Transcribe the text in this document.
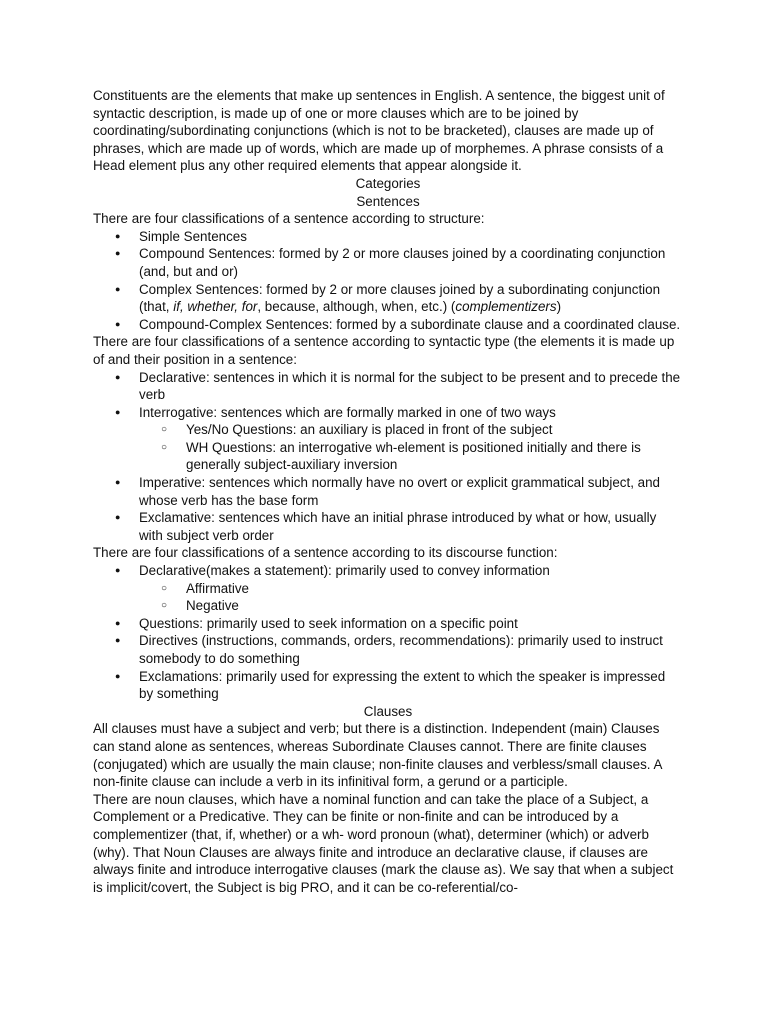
Constituents are the elements that make up sentences in English. A sentence, the biggest unit of syntactic description, is made up of one or more clauses which are to be joined by coordinating/subordinating conjunctions (which is not to be bracketed), clauses are made up of phrases, which are made up of words, which are made up of morphemes. A phrase consists of a Head element plus any other required elements that appear alongside it.

Categories

Sentences

There are four classifications of a sentence according to structure:

● Simple Sentences
● Compound Sentences: formed by 2 or more clauses joined by a coordinating conjunction (and, but and or)
● Complex Sentences: formed by 2 or more clauses joined by a subordinating conjunction (that, if, whether, for, because, although, when, etc.) (complementizers)
● Compound-Complex Sentences: formed by a subordinate clause and a coordinated clause.

There are four classifications of a sentence according to syntactic type (the elements it is made up of and their position in a sentence:

● Declarative: sentences in which it is normal for the subject to be present and to precede the verb
● Interrogative: sentences which are formally marked in one of two ways
○ Yes/No Questions: an auxiliary is placed in front of the subject
○ WH Questions: an interrogative wh-element is positioned initially and there is generally subject-auxiliary inversion
● Imperative: sentences which normally have no overt or explicit grammatical subject, and whose verb has the base form
● Exclamative: sentences which have an initial phrase introduced by what or how, usually with subject verb order

There are four classifications of a sentence according to its discourse function:

● Declarative(makes a statement): primarily used to convey information
○ Affirmative
○ Negative
● Questions: primarily used to seek information on a specific point
● Directives (instructions, commands, orders, recommendations): primarily used to instruct somebody to do something
● Exclamations: primarily used for expressing the extent to which the speaker is impressed by something

Clauses

All clauses must have a subject and verb; but there is a distinction. Independent (main) Clauses can stand alone as sentences, whereas Subordinate Clauses cannot. There are finite clauses (conjugated) which are usually the main clause; non-finite clauses and verbless/small clauses. A non-finite clause can include a verb in its infinitival form, a gerund or a participle.

There are noun clauses, which have a nominal function and can take the place of a Subject, a Complement or a Predicative. They can be finite or non-finite and can be introduced by a complementizer (that, if, whether) or a wh- word pronoun (what), determiner (which) or adverb (why). That Noun Clauses are always finite and introduce an declarative clause, if clauses are always finite and introduce interrogative clauses (mark the clause as). We say that when a subject is implicit/covert, the Subject is big PRO, and it can be co-referential/co-
